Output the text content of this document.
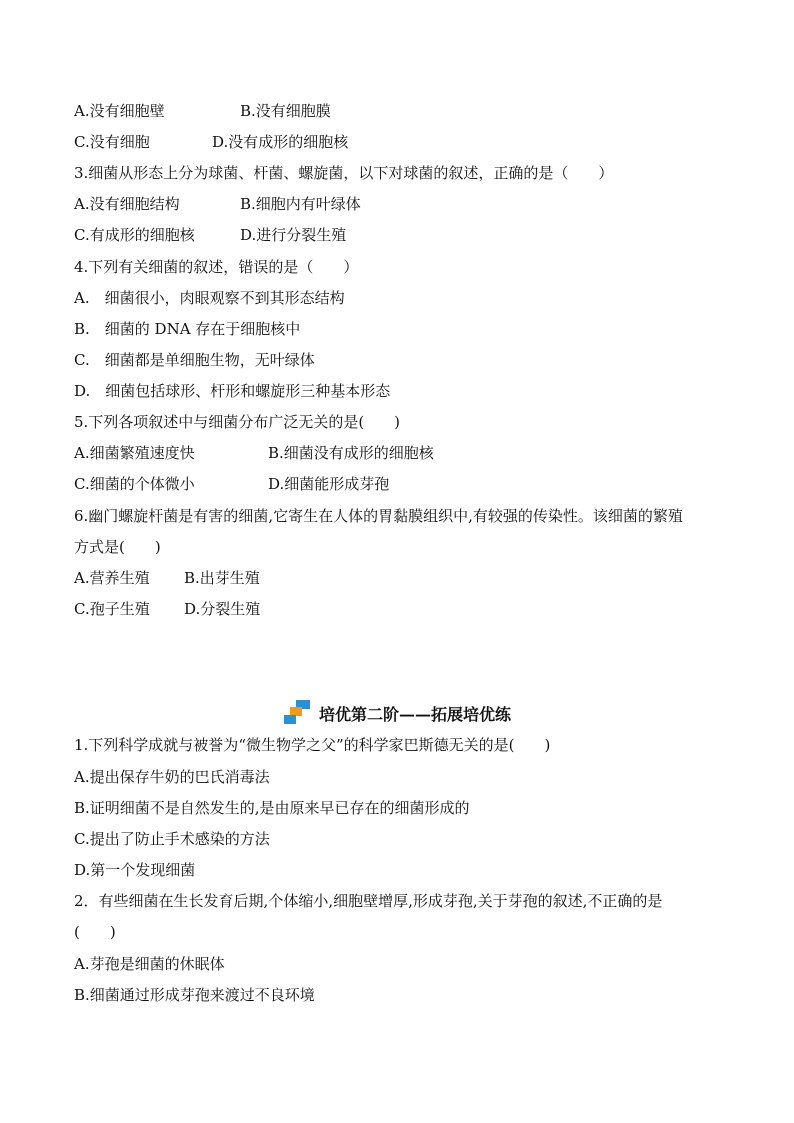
A.没有细胞壁	B.没有细胞膜
C.没有细胞	D.没有成形的细胞核
3.细菌从形态上分为球菌、杆菌、螺旋菌，以下对球菌的叙述，正确的是（　　）
A.没有细胞结构	B.细胞内有叶绿体
C.有成形的细胞核	D.进行分裂生殖
4.下列有关细菌的叙述，错误的是（　　）
A.　细菌很小，肉眼观察不到其形态结构
B.　细菌的 DNA 存在于细胞核中
C.　细菌都是单细胞生物，无叶绿体
D.　细菌包括球形、杆形和螺旋形三种基本形态
5.下列各项叙述中与细菌分布广泛无关的是(　　)
A.细菌繁殖速度快	B.细菌没有成形的细胞核
C.细菌的个体微小	D.细菌能形成芽孢
6.幽门螺旋杆菌是有害的细菌,它寄生在人体的胃黏膜组织中,有较强的传染性。该细菌的繁殖
方式是(　　)
A.营养生殖 B.出芽生殖
C.孢子生殖 D.分裂生殖
培优第二阶——拓展培优练
1.下列科学成就与被誉为“微生物学之父”的科学家巴斯德无关的是(　　)
A.提出保存牛奶的巴氏消毒法
B.证明细菌不是自然发生的,是由原来早已存在的细菌形成的
C.提出了防止手术感染的方法
D.第一个发现细菌
2．有些细菌在生长发育后期,个体缩小,细胞壁增厚,形成芽孢,关于芽孢的叙述,不正确的是
(　　)
A.芽孢是细菌的休眠体
B.细菌通过形成芽孢来渡过不良环境
